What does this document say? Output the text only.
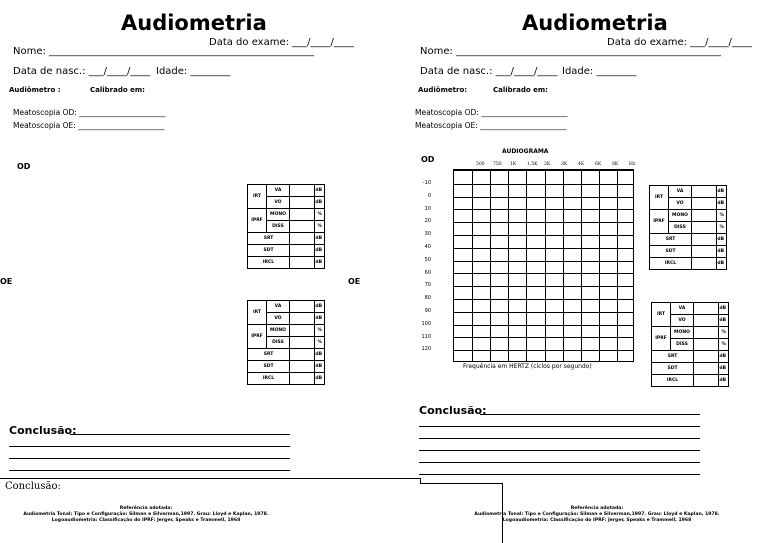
Audiometria
Data do exame: ___/____/____
Nome: _____________________________________________________
Data de nasc.: ___/____/____ Idade: ________
Audiômetro :	Calibrado em:
Meatoscopia OD: _______________________
Meatoscopia OE: _______________________
OD
OE	OE
IRT	VA		dB
	VO		dB
IPRF	MONO		%
	DISS		%
SRT			dB
SDT			dB
IRCL			dB
IRT	VA		dB
	VO		dB
IPRF	MONO		%
	DISS		%
SRT			dB
SDT			dB
IRCL			dB
Conclusão:
Conclusão:
Referência adotada:
Audiometria Tonal: Tipo e Configuração: Silman e Silverman,1997. Grau: Lloyd e Kaplan, 1978.
Logoaudiometria: Classificação do IPRF: Jerger, Speaks e Trammell, 1968
Audiometria
Data do exame: ___/____/____
Nome: _____________________________________________________
Data de nasc.: ___/____/____ Idade: ________
Audiômetro:	Calibrado em:
Meatoscopia OD: _______________________
Meatoscopia OE: _______________________
OD
AUDIOGRAMA
500 750 1K 1,5K 2K 3K 4K 6K 8K Hz
-10
0
10
20
30
40
50
60
70
80
90
100
110
120
Frequência em HERTZ (ciclos por segundo)
IRT	VA		dB
	VO		dB
IPRF	MONO		%
	DISS		%
SRT			dB
SDT			dB
IRCL			dB
IRT	VA		dB
	VO		dB
IPRF	MONO		%
	DISS		%
SRT			dB
SDT			dB
IRCL			dB
Conclusão:
Referência adotada:
Audiometria Tonal: Tipo e Configuração: Silman e Silverman,1997. Grau: Lloyd e Kaplan, 1978.
Logoaudiometria: Classificação do IPRF: Jerger, Speaks e Trammell, 1968
